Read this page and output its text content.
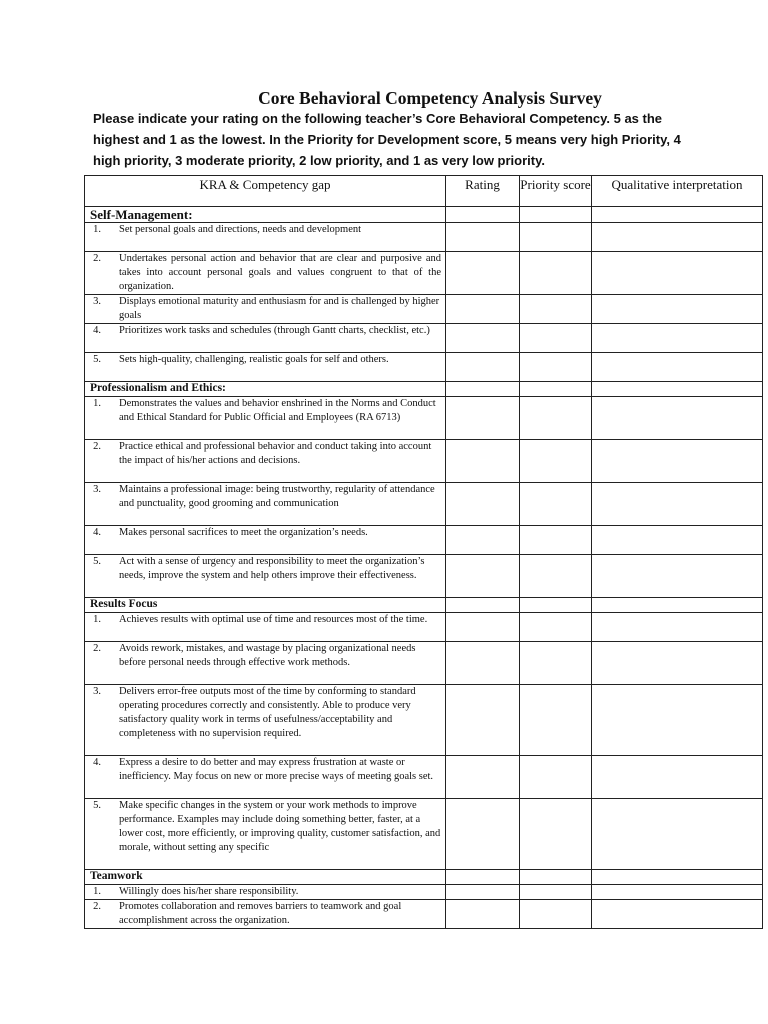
Core Behavioral Competency Analysis Survey

Please indicate your rating on the following teacher’s Core Behavioral Competency. 5 as the highest and 1 as the lowest. In the Priority for Development score, 5 means very high Priority, 4 high priority, 3 moderate priority, 2 low priority, and 1 as very low priority.

KRA & Competency gap	Rating	Priority score	Qualitative interpretation
Self-Management:			

1. Set personal goals and directions, needs and development			

2. Undertakes personal action and behavior that are clear and purposive and takes into account personal goals and values congruent to that of the organization.			

3. Displays emotional maturity and enthusiasm for and is challenged by higher goals			

4. Prioritizes work tasks and schedules (through Gantt charts, checklist, etc.)			

5. Sets high-quality, challenging, realistic goals for self and others.			

Professionalism and Ethics:			

1. Demonstrates the values and behavior enshrined in the Norms and Conduct and Ethical Standard for Public Official and Employees (RA 6713)			

2. Practice ethical and professional behavior and conduct taking into account the impact of his/her actions and decisions.			

3. Maintains a professional image: being trustworthy, regularity of attendance and punctuality, good grooming and communication			

4. Makes personal sacrifices to meet the organization’s needs.			

5. Act with a sense of urgency and responsibility to meet the organization’s needs, improve the system and help others improve their effectiveness.			

Results Focus			

1. Achieves results with optimal use of time and resources most of the time.			

2. Avoids rework, mistakes, and wastage by placing organizational needs before personal needs through effective work methods.			

3. Delivers error-free outputs most of the time by conforming to standard operating procedures correctly and consistently. Able to produce very satisfactory quality work in terms of usefulness/acceptability and completeness with no supervision required.			

4. Express a desire to do better and may express frustration at waste or inefficiency. May focus on new or more precise ways of meeting goals set.			

5. Make specific changes in the system or your work methods to improve performance. Examples may include doing something better, faster, at a lower cost, more efficiently, or improving quality, customer satisfaction, and morale, without setting any specific			

Teamwork			

1. Willingly does his/her share responsibility.			

2. Promotes collaboration and removes barriers to teamwork and goal accomplishment across the organization.			
